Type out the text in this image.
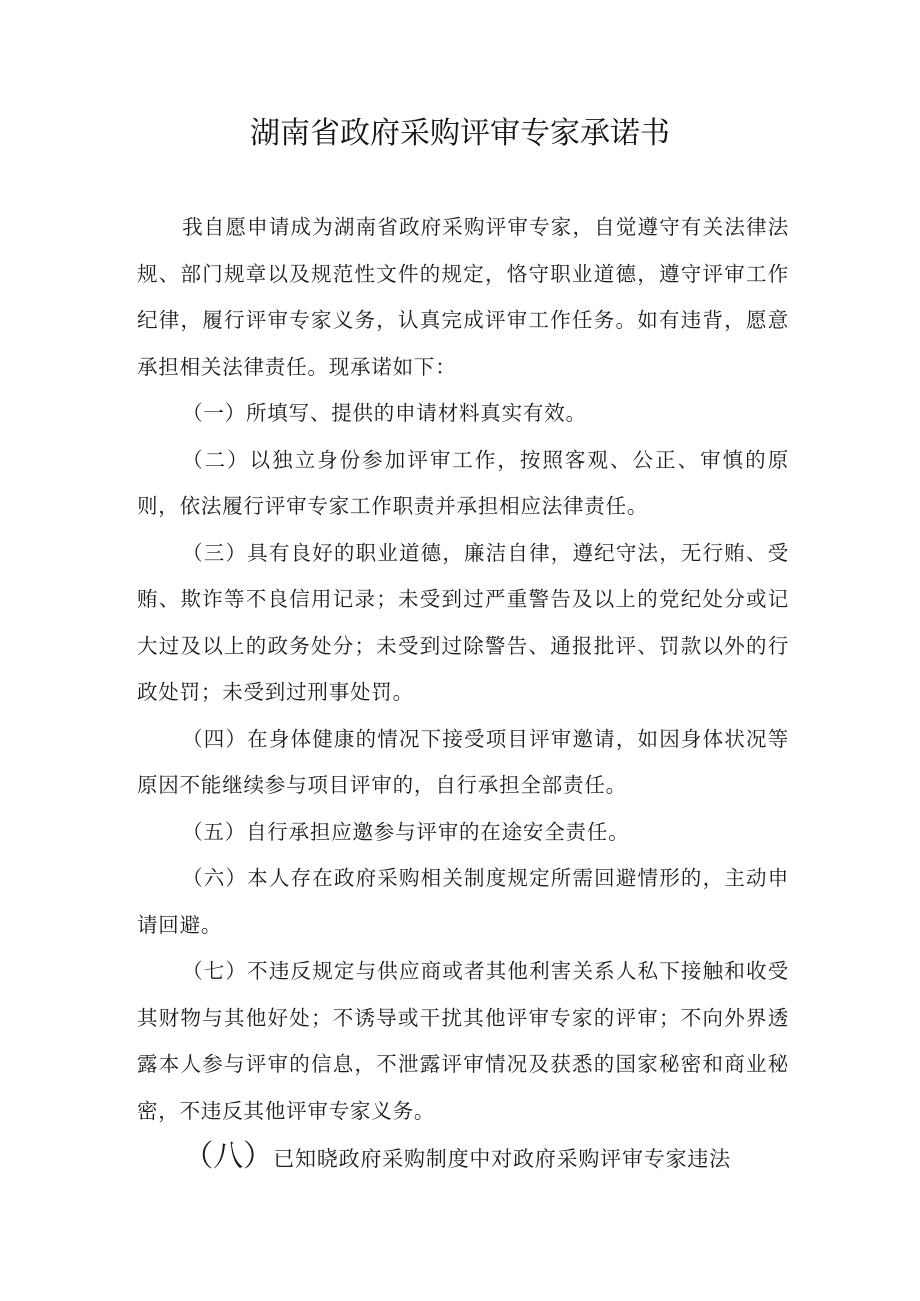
湖南省政府采购评审专家承诺书

我自愿申请成为湖南省政府采购评审专家，自觉遵守有关法律法规、部门规章以及规范性文件的规定，恪守职业道德，遵守评审工作纪律，履行评审专家义务，认真完成评审工作任务。如有违背，愿意承担相关法律责任。现承诺如下：

（一）所填写、提供的申请材料真实有效。

（二）以独立身份参加评审工作，按照客观、公正、审慎的原则，依法履行评审专家工作职责并承担相应法律责任。

（三）具有良好的职业道德，廉洁自律，遵纪守法，无行贿、受贿、欺诈等不良信用记录；未受到过严重警告及以上的党纪处分或记大过及以上的政务处分；未受到过除警告、通报批评、罚款以外的行政处罚；未受到过刑事处罚。

（四）在身体健康的情况下接受项目评审邀请，如因身体状况等原因不能继续参与项目评审的，自行承担全部责任。

（五）自行承担应邀参与评审的在途安全责任。

（六）本人存在政府采购相关制度规定所需回避情形的，主动申请回避。

（七）不违反规定与供应商或者其他利害关系人私下接触和收受其财物与其他好处；不诱导或干扰其他评审专家的评审；不向外界透露本人参与评审的信息，不泄露评审情况及获悉的国家秘密和商业秘密，不违反其他评审专家义务。

（八）已知晓政府采购制度中对政府采购评审专家违法
